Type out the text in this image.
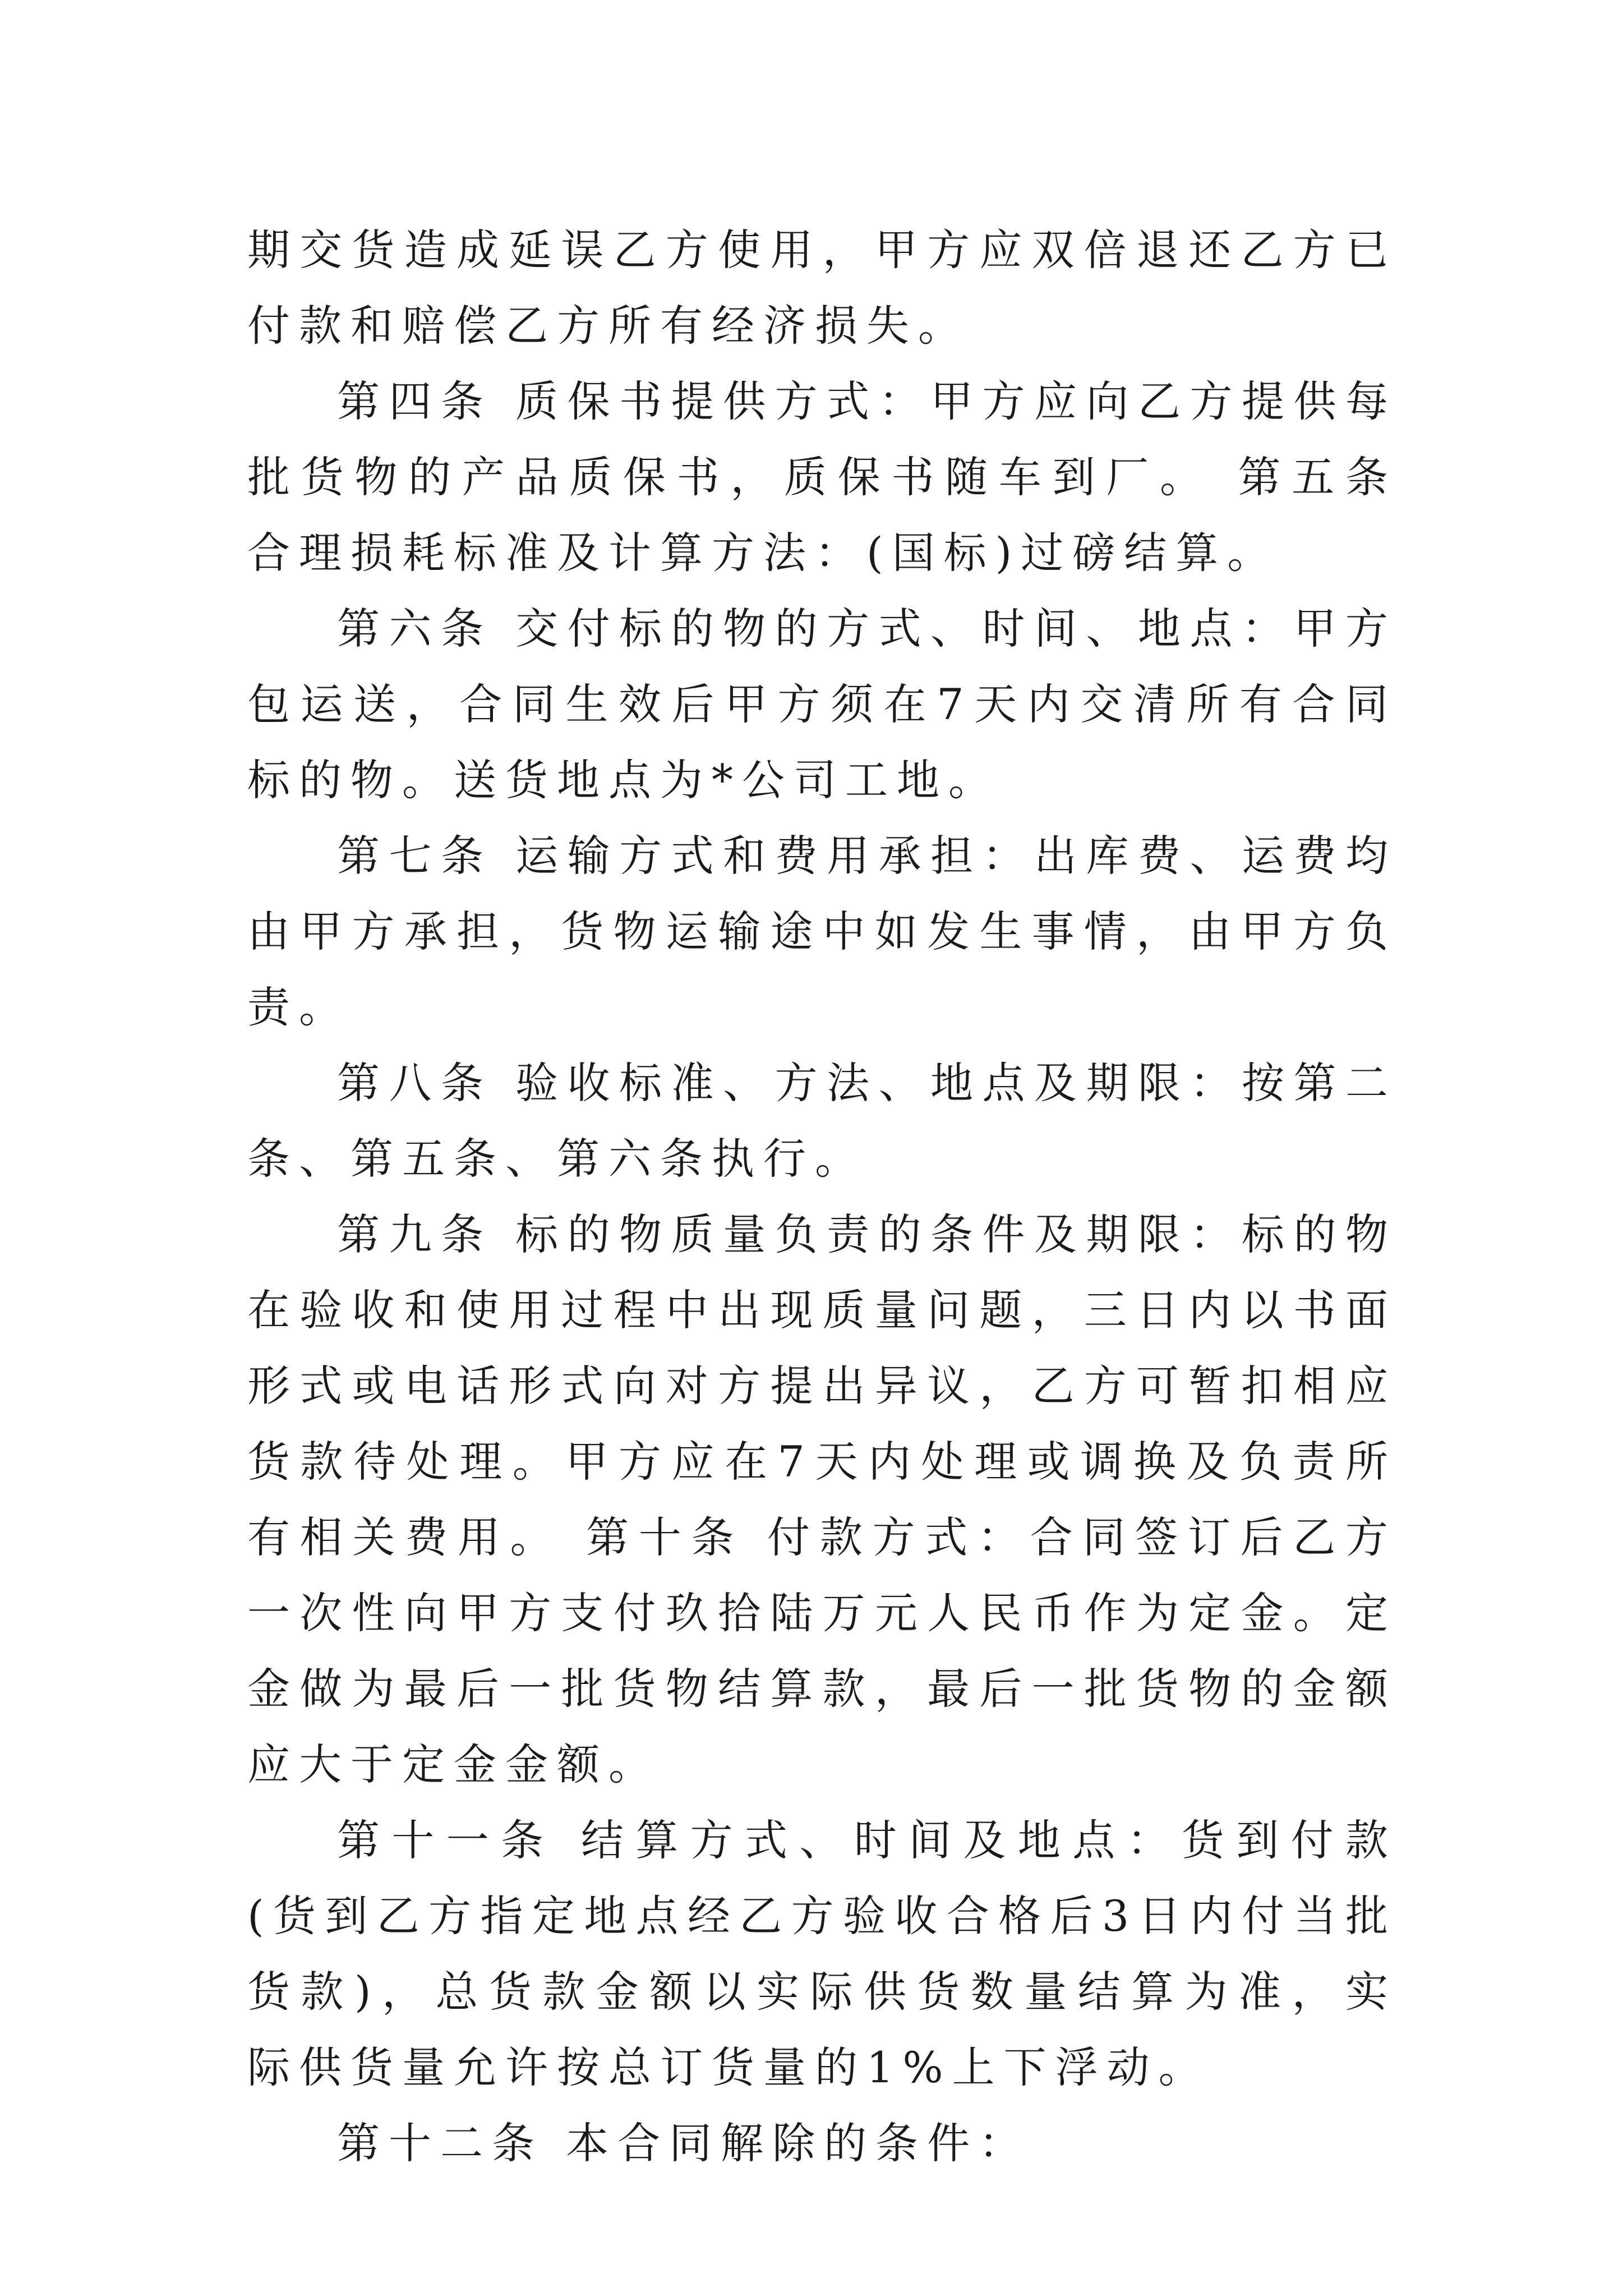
期交货造成延误乙方使用，甲方应双倍退还乙方已付款和赔偿乙方所有经济损失。

第四条 质保书提供方式：甲方应向乙方提供每批货物的产品质保书，质保书随车到厂。 第五条 合理损耗标准及计算方法：(国标)过磅结算。

第六条 交付标的物的方式、时间、地点：甲方包运送，合同生效后甲方须在7天内交清所有合同标的物。送货地点为*公司工地。

第七条 运输方式和费用承担：出库费、运费均由甲方承担，货物运输途中如发生事情，由甲方负责。

第八条 验收标准、方法、地点及期限：按第二条、第五条、第六条执行。

第九条 标的物质量负责的条件及期限：标的物在验收和使用过程中出现质量问题，三日内以书面形式或电话形式向对方提出异议，乙方可暂扣相应货款待处理。甲方应在7天内处理或调换及负责所有相关费用。 第十条 付款方式：合同签订后乙方一次性向甲方支付玖拾陆万元人民币作为定金。定金做为最后一批货物结算款，最后一批货物的金额应大于定金金额。

第十一条 结算方式、时间及地点：货到付款(货到乙方指定地点经乙方验收合格后3日内付当批货款)，总货款金额以实际供货数量结算为准，实际供货量允许按总订货量的1%上下浮动。

第十二条 本合同解除的条件：
